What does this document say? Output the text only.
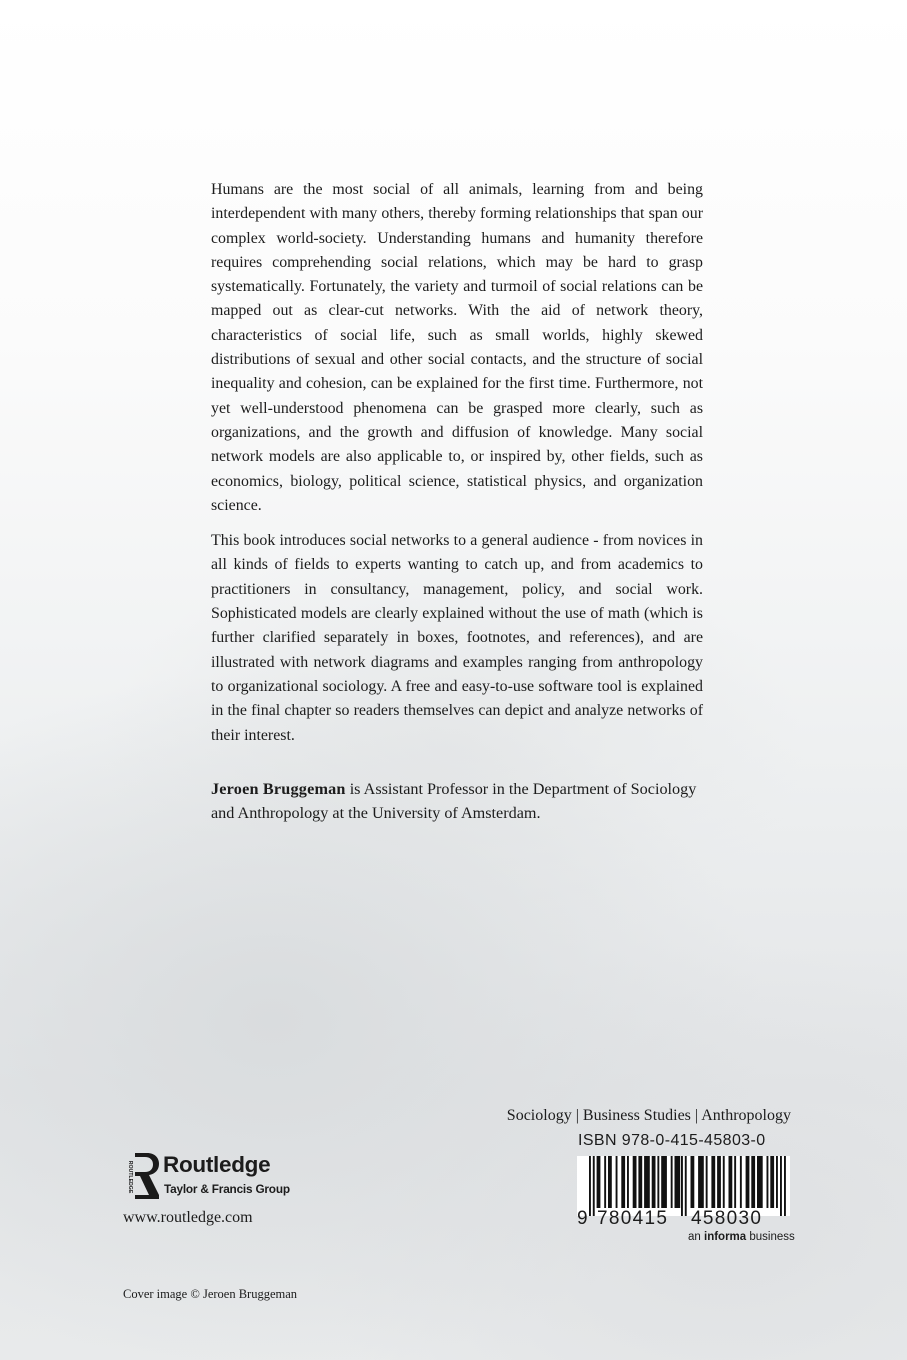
Humans are the most social of all animals, learning from and being interdependent with many others, thereby forming relationships that span our complex world-society. Understanding humans and humanity therefore requires comprehending social relations, which may be hard to grasp systematically. Fortunately, the variety and turmoil of social relations can be mapped out as clear-cut networks. With the aid of network theory, characteristics of social life, such as small worlds, highly skewed distributions of sexual and other social contacts, and the structure of social inequality and cohesion, can be explained for the first time. Furthermore, not yet well-understood phenomena can be grasped more clearly, such as organizations, and the growth and diffusion of knowledge. Many social network models are also applicable to, or inspired by, other fields, such as economics, biology, political science, statistical physics, and organization science.

This book introduces social networks to a general audience - from novices in all kinds of fields to experts wanting to catch up, and from academics to practitioners in consultancy, management, policy, and social work. Sophisticated models are clearly explained without the use of math (which is further clarified separately in boxes, footnotes, and references), and are illustrated with network diagrams and examples ranging from anthropology to organizational sociology. A free and easy-to-use software tool is explained in the final chapter so readers themselves can depict and analyze networks of their interest.

Jeroen Bruggeman is Assistant Professor in the Department of Sociology and Anthropology at the University of Amsterdam.
Sociology | Business Studies | Anthropology
ISBN 978-0-415-45803-0
9 780415 458030
an informa business
ROUTLEDGE Routledge
Taylor & Francis Group
www.routledge.com
Cover image © Jeroen Bruggeman
